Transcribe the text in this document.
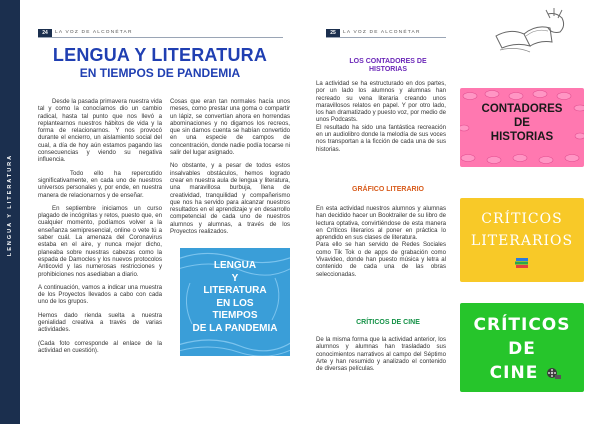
LENGUA Y LITERATURA
24	LA VOZ DE ALCONÉTAR
LENGUA Y LITERATURA
EN TIEMPOS DE PANDEMIA

Desde la pasada primavera nuestra vida tal y como la conocíamos dio un cambio radical, hasta tal punto que nos llevó a replantearnos nuestros hábitos de vida y la forma de relacionarnos. Y nos provocó durante el encierro, un aislamiento social del cual, a día de hoy aún estamos pagando las consecuencias y viendo su negativa influencia.

Todo ello ha repercutido significativamente, en cada uno de nuestros universos personales y, por ende, en nuestra manera de relacionarnos y de enseñar.

En septiembre iniciamos un curso plagado de incógnitas y retos, puesto que, en cualquier momento, podíamos volver a la enseñanza semipresencial, online o vete tú a saber cuál. La amenaza del Coronavirus estaba en el aire, y nunca mejor dicho, planeaba sobre nuestras cabezas como la espada de Damocles y los nuevos protocolos Anticovid y las numerosas restricciones y prohibiciones nos asediaban a diario.

A continuación, vamos a indicar una muestra de los Proyectos llevados a cabo con cada uno de los grupos.

Hemos dado rienda suelta a nuestra genialidad creativa a través de varias actividades.

(Cada foto corresponde al enlace de la actividad en cuestión).

Cosas que eran tan normales hacía unos meses, como prestar una goma o compartir un lápiz, se convertían ahora en horrendas abominaciones y no digamos los recreos, que sin darnos cuenta se habían convertido en una especie de campos de concentración, donde nadie podía tocarse ni salir del lugar asignado.

No obstante, y a pesar de todos estos insalvables obstáculos, hemos logrado crear en nuestra aula de lengua y literatura, una maravillosa burbuja, llena de creatividad, tranquilidad y compañerismo que nos ha servido para alcanzar nuestros resultados en el aprendizaje y en desarrollo competencial de cada uno de nuestros alumnos y alumnas, a través de los Proyectos realizados.

LENGUA
Y
LITERATURA
EN LOS
TIEMPOS
DE LA PANDEMIA
25	LA VOZ DE ALCONÉTAR
LOS CONTADORES DE
HISTORIAS

La actividad se ha estructurado en dos partes, por un lado los alumnos y alumnas han recreado su vena literaria creando unos maravillosos relatos en papel. Y por otro lado, los han dramatizado y puesto voz, por medio de unos Podcasts.

El resultado ha sido una fantástica recreación en un audiolibro donde la melodía de sus voces nos transportan a la ficción de cada una de sus historias.

CONTADORES
DE
HISTORIAS
GRÁFICO LITERARIO

En esta actividad nuestros alumnos y alumnas han decidido hacer un Booktrailer de su libro de lectura optativa, convirtiéndose de esta manera en Críticos literarios al poner en práctica lo aprendido en sus clases de literatura.

Para ello se han servido de Redes Sociales como Tik Tok o de apps de grabación como Vivavideo, donde han puesto música y letra al contenido de cada una de las obras seleccionadas.

CRÍTICOS
LITERARIOS
CRÍTICOS DE CINE

De la misma forma que la actividad anterior, los alumnos y alumnas han trasladado sus conocimientos narrativos al campo del Séptimo Arte y han resumido y analizado el contenido de diversas películas.

CRÍTICOS
DE
CINE
